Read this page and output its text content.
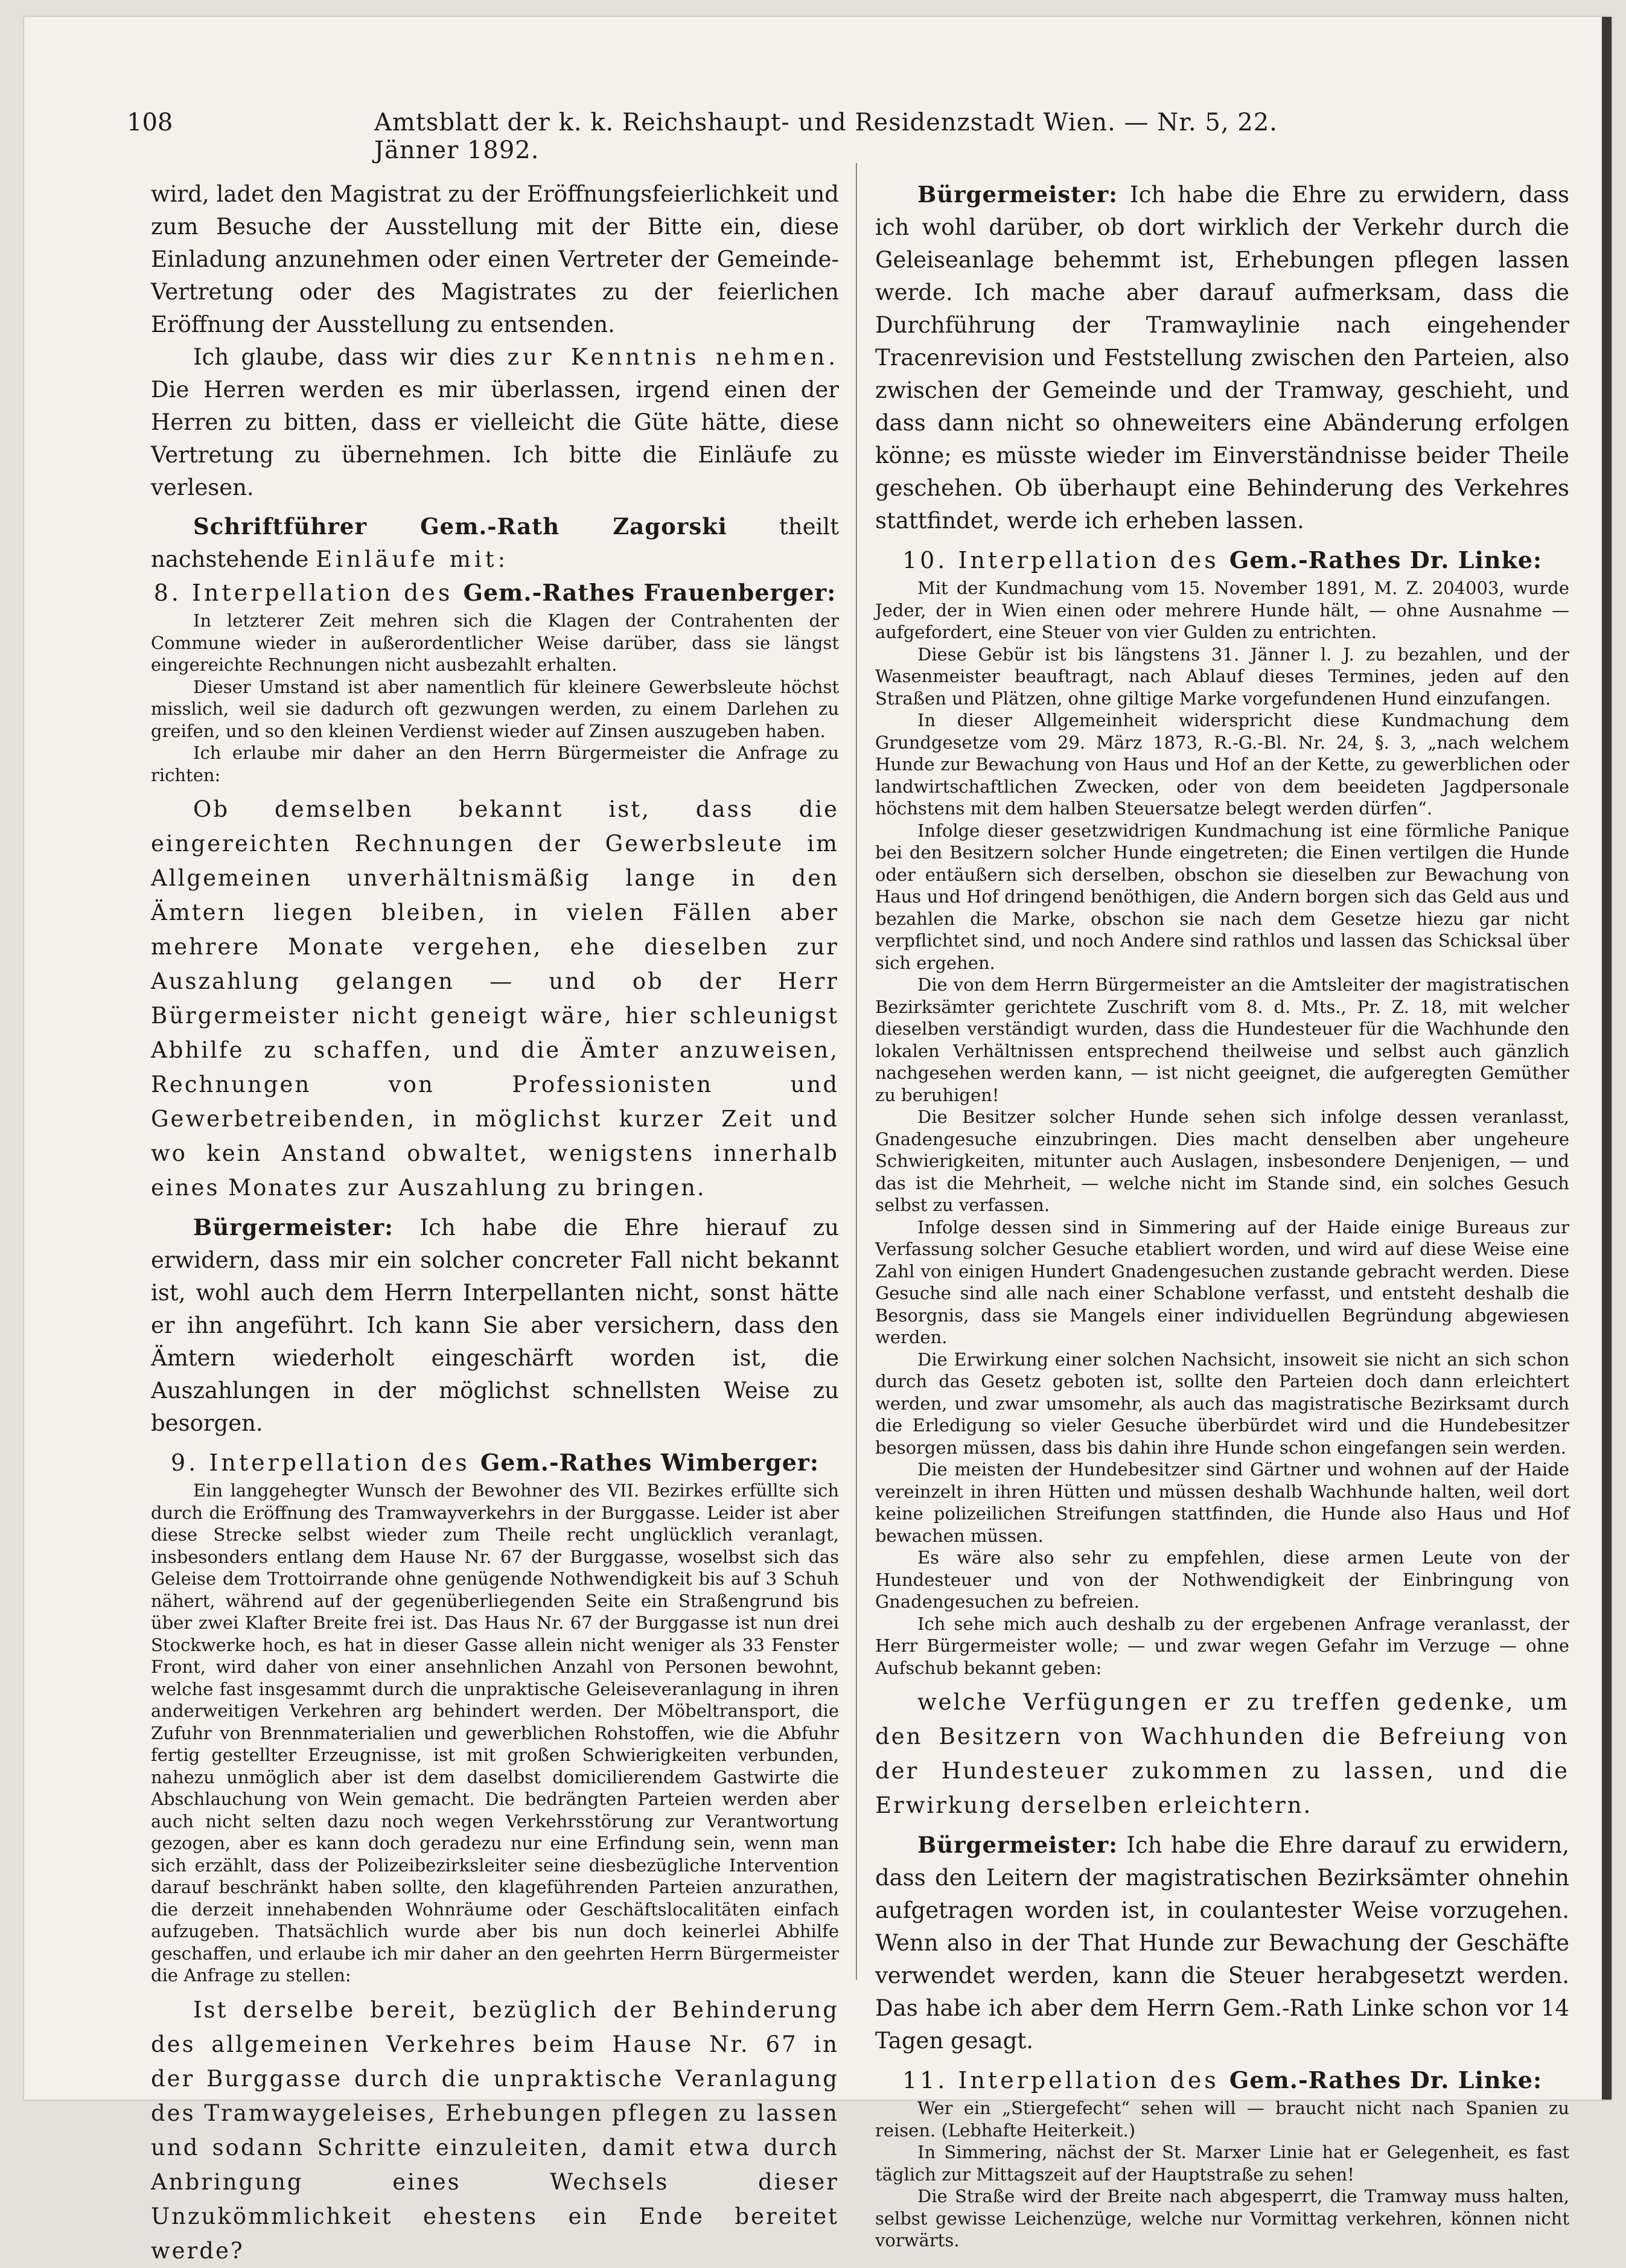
108	Amtsblatt der k. k. Reichshaupt- und Residenzstadt Wien. — Nr. 5, 22. Jänner 1892.

wird, ladet den Magistrat zu der Eröffnungsfeierlichkeit und zum Besuche der Ausstellung mit der Bitte ein, diese Einladung anzunehmen oder einen Vertreter der Gemeinde-Vertretung oder des Magistrates zu der feierlichen Eröffnung der Ausstellung zu entsenden.

Ich glaube, dass wir dies zur Kenntnis nehmen. Die Herren werden es mir überlassen, irgend einen der Herren zu bitten, dass er vielleicht die Güte hätte, diese Vertretung zu übernehmen. Ich bitte die Einläufe zu verlesen.

Schriftführer Gem.-Rath Zagorski theilt nachstehende Einläufe mit:

8. Interpellation des Gem.-Rathes Frauenberger:

In letzterer Zeit mehren sich die Klagen der Contrahenten der Commune wieder in außerordentlicher Weise darüber, dass sie längst eingereichte Rechnungen nicht ausbezahlt erhalten.

Dieser Umstand ist aber namentlich für kleinere Gewerbsleute höchst misslich, weil sie dadurch oft gezwungen werden, zu einem Darlehen zu greifen, und so den kleinen Verdienst wieder auf Zinsen auszugeben haben.

Ich erlaube mir daher an den Herrn Bürgermeister die Anfrage zu richten:

Ob demselben bekannt ist, dass die eingereichten Rechnungen der Gewerbsleute im Allgemeinen unverhältnismäßig lange in den Ämtern liegen bleiben, in vielen Fällen aber mehrere Monate vergehen, ehe dieselben zur Auszahlung gelangen — und ob der Herr Bürgermeister nicht geneigt wäre, hier schleunigst Abhilfe zu schaffen, und die Ämter anzuweisen, Rechnungen von Professionisten und Gewerbetreibenden, in möglichst kurzer Zeit und wo kein Anstand obwaltet, wenigstens innerhalb eines Monates zur Auszahlung zu bringen.

Bürgermeister: Ich habe die Ehre hierauf zu erwidern, dass mir ein solcher concreter Fall nicht bekannt ist, wohl auch dem Herrn Interpellanten nicht, sonst hätte er ihn angeführt. Ich kann Sie aber versichern, dass den Ämtern wiederholt eingeschärft worden ist, die Auszahlungen in der möglichst schnellsten Weise zu besorgen.

9. Interpellation des Gem.-Rathes Wimberger:

Ein langgehegter Wunsch der Bewohner des VII. Bezirkes erfüllte sich durch die Eröffnung des Tramwayverkehrs in der Burggasse. Leider ist aber diese Strecke selbst wieder zum Theile recht unglücklich veranlagt, insbesonders entlang dem Hause Nr. 67 der Burggasse, woselbst sich das Geleise dem Trottoirrande ohne genügende Nothwendigkeit bis auf 3 Schuh nähert, während auf der gegenüberliegenden Seite ein Straßengrund bis über zwei Klafter Breite frei ist. Das Haus Nr. 67 der Burggasse ist nun drei Stockwerke hoch, es hat in dieser Gasse allein nicht weniger als 33 Fenster Front, wird daher von einer ansehnlichen Anzahl von Personen bewohnt, welche fast insgesammt durch die unpraktische Geleiseveranlagung in ihren anderweitigen Verkehren arg behindert werden. Der Möbeltransport, die Zufuhr von Brennmaterialien und gewerblichen Rohstoffen, wie die Abfuhr fertig gestellter Erzeugnisse, ist mit großen Schwierigkeiten verbunden, nahezu unmöglich aber ist dem daselbst domicilierendem Gastwirte die Abschlauchung von Wein gemacht. Die bedrängten Parteien werden aber auch nicht selten dazu noch wegen Verkehrsstörung zur Verantwortung gezogen, aber es kann doch geradezu nur eine Erfindung sein, wenn man sich erzählt, dass der Polizeibezirksleiter seine diesbezügliche Intervention darauf beschränkt haben sollte, den klageführenden Parteien anzurathen, die derzeit innehabenden Wohnräume oder Geschäftslocalitäten einfach aufzugeben. Thatsächlich wurde aber bis nun doch keinerlei Abhilfe geschaffen, und erlaube ich mir daher an den geehrten Herrn Bürgermeister die Anfrage zu stellen:

Ist derselbe bereit, bezüglich der Behinderung des allgemeinen Verkehres beim Hause Nr. 67 in der Burggasse durch die unpraktische Veranlagung des Tramwaygeleises, Erhebungen pflegen zu lassen und sodann Schritte einzuleiten, damit etwa durch Anbringung eines Wechsels dieser Unzukömmlichkeit ehestens ein Ende bereitet werde?

Bürgermeister: Ich habe die Ehre zu erwidern, dass ich wohl darüber, ob dort wirklich der Verkehr durch die Geleiseanlage behemmt ist, Erhebungen pflegen lassen werde. Ich mache aber darauf aufmerksam, dass die Durchführung der Tramwaylinie nach eingehender Tracenrevision und Feststellung zwischen den Parteien, also zwischen der Gemeinde und der Tramway, geschieht, und dass dann nicht so ohneweiters eine Abänderung erfolgen könne; es müsste wieder im Einverständnisse beider Theile geschehen. Ob überhaupt eine Behinderung des Verkehres stattfindet, werde ich erheben lassen.

10. Interpellation des Gem.-Rathes Dr. Linke:

Mit der Kundmachung vom 15. November 1891, M. Z. 204003, wurde Jeder, der in Wien einen oder mehrere Hunde hält, — ohne Ausnahme — aufgefordert, eine Steuer von vier Gulden zu entrichten.

Diese Gebür ist bis längstens 31. Jänner l. J. zu bezahlen, und der Wasenmeister beauftragt, nach Ablauf dieses Termines, jeden auf den Straßen und Plätzen, ohne giltige Marke vorgefundenen Hund einzufangen.

In dieser Allgemeinheit widerspricht diese Kundmachung dem Grundgesetze vom 29. März 1873, R.-G.-Bl. Nr. 24, §. 3, „nach welchem Hunde zur Bewachung von Haus und Hof an der Kette, zu gewerblichen oder landwirtschaftlichen Zwecken, oder von dem beeideten Jagdpersonale höchstens mit dem halben Steuersatze belegt werden dürfen“.

Infolge dieser gesetzwidrigen Kundmachung ist eine förmliche Panique bei den Besitzern solcher Hunde eingetreten; die Einen vertilgen die Hunde oder entäußern sich derselben, obschon sie dieselben zur Bewachung von Haus und Hof dringend benöthigen, die Andern borgen sich das Geld aus und bezahlen die Marke, obschon sie nach dem Gesetze hiezu gar nicht verpflichtet sind, und noch Andere sind rathlos und lassen das Schicksal über sich ergehen.

Die von dem Herrn Bürgermeister an die Amtsleiter der magistratischen Bezirksämter gerichtete Zuschrift vom 8. d. Mts., Pr. Z. 18, mit welcher dieselben verständigt wurden, dass die Hundesteuer für die Wachhunde den lokalen Verhältnissen entsprechend theilweise und selbst auch gänzlich nachgesehen werden kann, — ist nicht geeignet, die aufgeregten Gemüther zu beruhigen!

Die Besitzer solcher Hunde sehen sich infolge dessen veranlasst, Gnadengesuche einzubringen. Dies macht denselben aber ungeheure Schwierigkeiten, mitunter auch Auslagen, insbesondere Denjenigen, — und das ist die Mehrheit, — welche nicht im Stande sind, ein solches Gesuch selbst zu verfassen.

Infolge dessen sind in Simmering auf der Haide einige Bureaus zur Verfassung solcher Gesuche etabliert worden, und wird auf diese Weise eine Zahl von einigen Hundert Gnadengesuchen zustande gebracht werden. Diese Gesuche sind alle nach einer Schablone verfasst, und entsteht deshalb die Besorgnis, dass sie Mangels einer individuellen Begründung abgewiesen werden.

Die Erwirkung einer solchen Nachsicht, insoweit sie nicht an sich schon durch das Gesetz geboten ist, sollte den Parteien doch dann erleichtert werden, und zwar umsomehr, als auch das magistratische Bezirksamt durch die Erledigung so vieler Gesuche überbürdet wird und die Hundebesitzer besorgen müssen, dass bis dahin ihre Hunde schon eingefangen sein werden.

Die meisten der Hundebesitzer sind Gärtner und wohnen auf der Haide vereinzelt in ihren Hütten und müssen deshalb Wachhunde halten, weil dort keine polizeilichen Streifungen stattfinden, die Hunde also Haus und Hof bewachen müssen.

Es wäre also sehr zu empfehlen, diese armen Leute von der Hundesteuer und von der Nothwendigkeit der Einbringung von Gnadengesuchen zu befreien.

Ich sehe mich auch deshalb zu der ergebenen Anfrage veranlasst, der Herr Bürgermeister wolle; — und zwar wegen Gefahr im Verzuge — ohne Aufschub bekannt geben:

welche Verfügungen er zu treffen gedenke, um den Besitzern von Wachhunden die Befreiung von der Hundesteuer zukommen zu lassen, und die Erwirkung derselben erleichtern.

Bürgermeister: Ich habe die Ehre darauf zu erwidern, dass den Leitern der magistratischen Bezirksämter ohnehin aufgetragen worden ist, in coulantester Weise vorzugehen. Wenn also in der That Hunde zur Bewachung der Geschäfte verwendet werden, kann die Steuer herabgesetzt werden. Das habe ich aber dem Herrn Gem.-Rath Linke schon vor 14 Tagen gesagt.

11. Interpellation des Gem.-Rathes Dr. Linke:

Wer ein „Stiergefecht“ sehen will — braucht nicht nach Spanien zu reisen. (Lebhafte Heiterkeit.)

In Simmering, nächst der St. Marxer Linie hat er Gelegenheit, es fast täglich zur Mittagszeit auf der Hauptstraße zu sehen!

Die Straße wird der Breite nach abgesperrt, die Tramway muss halten, selbst gewisse Leichenzüge, welche nur Vormittag verkehren, können nicht vorwärts.
